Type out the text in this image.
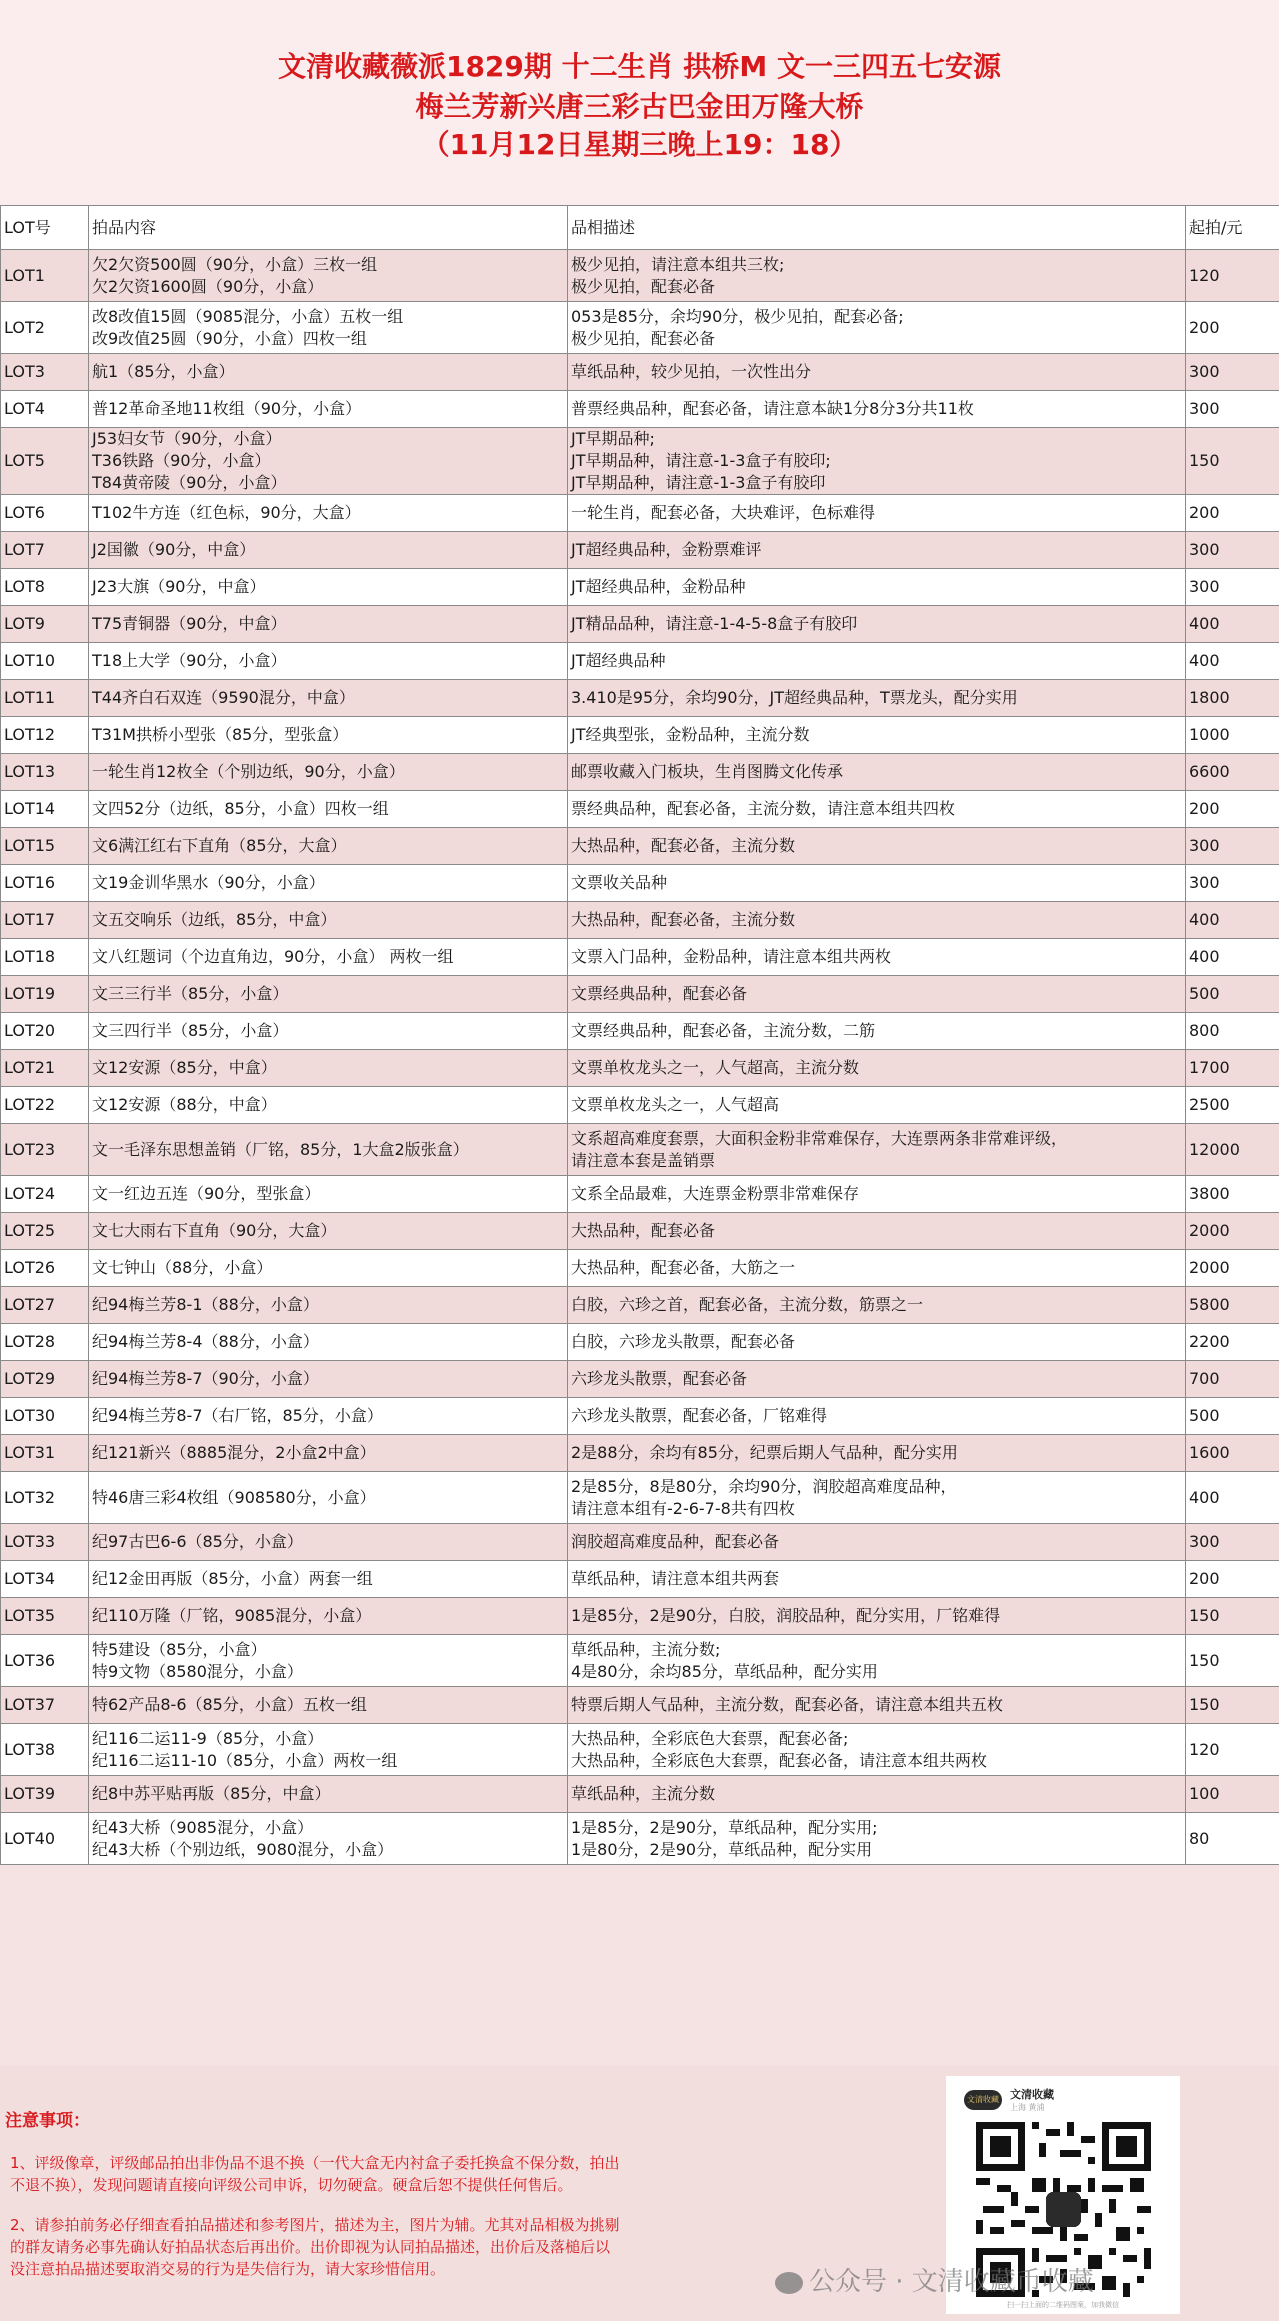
文清收藏薇派1829期 十二生肖 拱桥M 文一三四五七安源
梅兰芳新兴唐三彩古巴金田万隆大桥
（11月12日星期三晚上19：18）
LOT号	拍品内容	品相描述	起拍/元
LOT1	欠2欠资500圆（90分，小盒）三枚一组
欠2欠资1600圆（90分，小盒）	极少见拍，请注意本组共三枚;
极少见拍，配套必备	120
LOT2	改8改值15圆（9085混分，小盒）五枚一组
改9改值25圆（90分，小盒）四枚一组	053是85分，余均90分，极少见拍，配套必备;
极少见拍，配套必备	200
LOT3	航1（85分，小盒）	草纸品种，较少见拍，一次性出分	300
LOT4	普12革命圣地11枚组（90分，小盒）	普票经典品种，配套必备，请注意本缺1分8分3分共11枚	300
LOT5	J53妇女节（90分，小盒）
T36铁路（90分，小盒）
T84黄帝陵（90分，小盒）	JT早期品种;
JT早期品种，请注意-1-3盒子有胶印;
JT早期品种，请注意-1-3盒子有胶印	150
LOT6	T102牛方连（红色标，90分，大盒）	一轮生肖，配套必备，大块难评，色标难得	200
LOT7	J2国徽（90分，中盒）	JT超经典品种，金粉票难评	300
LOT8	J23大旗（90分，中盒）	JT超经典品种，金粉品种	300
LOT9	T75青铜器（90分，中盒）	JT精品品种，请注意-1-4-5-8盒子有胶印	400
LOT10	T18上大学（90分，小盒）	JT超经典品种	400
LOT11	T44齐白石双连（9590混分，中盒）	3.410是95分，余均90分，JT超经典品种，T票龙头，配分实用	1800
LOT12	T31M拱桥小型张（85分，型张盒）	JT经典型张，金粉品种，主流分数	1000
LOT13	一轮生肖12枚全（个别边纸，90分，小盒）	邮票收藏入门板块，生肖图腾文化传承	6600
LOT14	文四52分（边纸，85分，小盒）四枚一组	票经典品种，配套必备，主流分数，请注意本组共四枚	200
LOT15	文6满江红右下直角（85分，大盒）	大热品种，配套必备，主流分数	300
LOT16	文19金训华黑水（90分，小盒）	文票收关品种	300
LOT17	文五交响乐（边纸，85分，中盒）	大热品种，配套必备，主流分数	400
LOT18	文八红题词（个边直角边，90分，小盒） 两枚一组	文票入门品种，金粉品种，请注意本组共两枚	400
LOT19	文三三行半（85分，小盒）	文票经典品种，配套必备	500
LOT20	文三四行半（85分，小盒）	文票经典品种，配套必备，主流分数，二筋	800
LOT21	文12安源（85分，中盒）	文票单枚龙头之一，人气超高，主流分数	1700
LOT22	文12安源（88分，中盒）	文票单枚龙头之一，人气超高	2500
LOT23	文一毛泽东思想盖销（厂铭，85分，1大盒2版张盒）	文系超高难度套票，大面积金粉非常难保存，大连票两条非常难评级，
请注意本套是盖销票	12000
LOT24	文一红边五连（90分，型张盒）	文系全品最难，大连票金粉票非常难保存	3800
LOT25	文七大雨右下直角（90分，大盒）	大热品种，配套必备	2000
LOT26	文七钟山（88分，小盒）	大热品种，配套必备，大筋之一	2000
LOT27	纪94梅兰芳8-1（88分，小盒）	白胶，六珍之首，配套必备，主流分数，筋票之一	5800
LOT28	纪94梅兰芳8-4（88分，小盒）	白胶，六珍龙头散票，配套必备	2200
LOT29	纪94梅兰芳8-7（90分，小盒）	六珍龙头散票，配套必备	700
LOT30	纪94梅兰芳8-7（右厂铭，85分，小盒）	六珍龙头散票，配套必备，厂铭难得	500
LOT31	纪121新兴（8885混分，2小盒2中盒）	2是88分，余均有85分，纪票后期人气品种，配分实用	1600
LOT32	特46唐三彩4枚组（908580分，小盒）	2是85分，8是80分，余均90分，润胶超高难度品种，
请注意本组有-2-6-7-8共有四枚	400
LOT33	纪97古巴6-6（85分，小盒）	润胶超高难度品种，配套必备	300
LOT34	纪12金田再版（85分，小盒）两套一组	草纸品种，请注意本组共两套	200
LOT35	纪110万隆（厂铭，9085混分，小盒）	1是85分，2是90分，白胶，润胶品种，配分实用，厂铭难得	150
LOT36	特5建设（85分，小盒）
特9文物（8580混分，小盒）	草纸品种，主流分数;
4是80分，余均85分，草纸品种，配分实用	150
LOT37	特62产品8-6（85分，小盒）五枚一组	特票后期人气品种，主流分数，配套必备，请注意本组共五枚	150
LOT38	纪116二运11-9（85分，小盒）
纪116二运11-10（85分，小盒）两枚一组	大热品种，全彩底色大套票，配套必备;
大热品种，全彩底色大套票，配套必备，请注意本组共两枚	120
LOT39	纪8中苏平贴再版（85分，中盒）	草纸品种，主流分数	100
LOT40	纪43大桥（9085混分，小盒）
纪43大桥（个别边纸，9080混分，小盒）	1是85分，2是90分，草纸品种，配分实用;
1是80分，2是90分，草纸品种，配分实用	80
注意事项：
1、评级像章，评级邮品拍出非伪品不退不换（一代大盒无内衬盒子委托换盒不保分数，拍出
不退不换），发现问题请直接向评级公司申诉，切勿硬盒。硬盒后恕不提供任何售后。
2、请参拍前务必仔细查看拍品描述和参考图片，描述为主，图片为辅。尤其对品相极为挑剔
的群友请务必事先确认好拍品状态后再出价。出价即视为认同拍品描述，出价后及落槌后以
没注意拍品描述要取消交易的行为是失信行为，请大家珍惜信用。
文清收藏 文清收藏
上海 黄浦
扫一扫上面的二维码图案，加我微信
公众号 · 文清收藏币收藏
